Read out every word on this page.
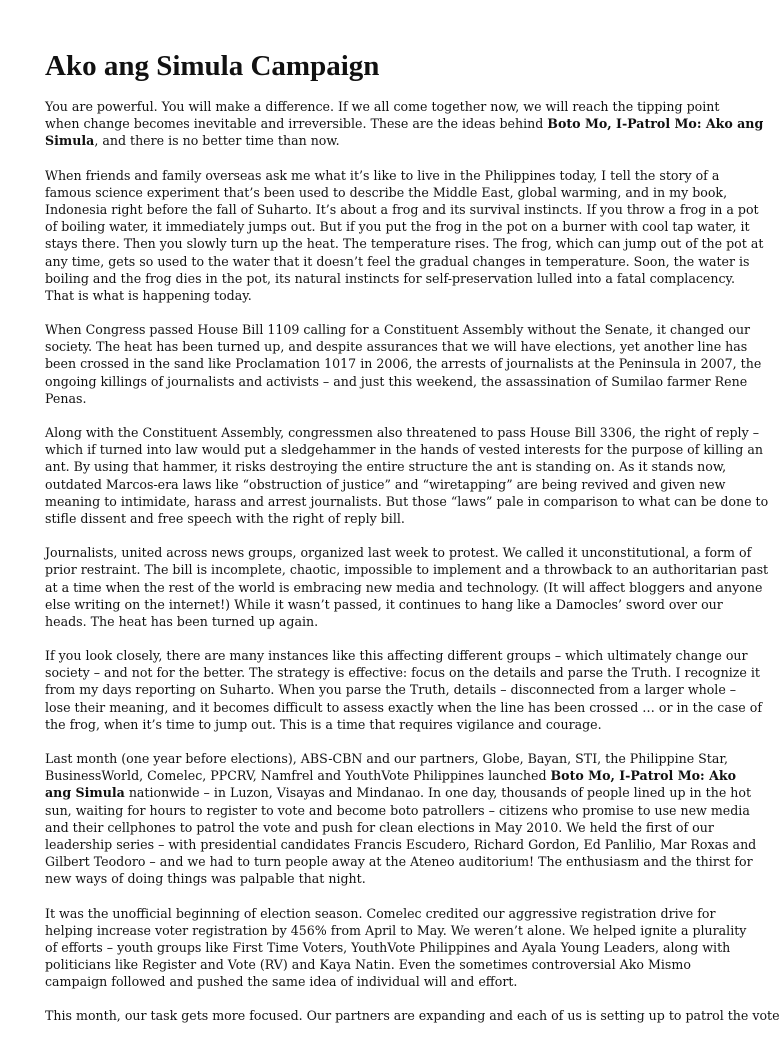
Ako ang Simula Campaign
You are powerful. You will make a difference. If we all come together now, we will reach the tipping point
when change becomes inevitable and irreversible. These are the ideas behind Boto Mo, I-Patrol Mo: Ako ang
Simula, and there is no better time than now.
When friends and family overseas ask me what it’s like to live in the Philippines today, I tell the story of a
famous science experiment that’s been used to describe the Middle East, global warming, and in my book,
Indonesia right before the fall of Suharto. It’s about a frog and its survival instincts. If you throw a frog in a pot
of boiling water, it immediately jumps out. But if you put the frog in the pot on a burner with cool tap water, it
stays there. Then you slowly turn up the heat. The temperature rises. The frog, which can jump out of the pot at
any time, gets so used to the water that it doesn’t feel the gradual changes in temperature. Soon, the water is
boiling and the frog dies in the pot, its natural instincts for self-preservation lulled into a fatal complacency.
That is what is happening today.
When Congress passed House Bill 1109 calling for a Constituent Assembly without the Senate, it changed our
society. The heat has been turned up, and despite assurances that we will have elections, yet another line has
been crossed in the sand like Proclamation 1017 in 2006, the arrests of journalists at the Peninsula in 2007, the
ongoing killings of journalists and activists – and just this weekend, the assassination of Sumilao farmer Rene
Penas.
Along with the Constituent Assembly, congressmen also threatened to pass House Bill 3306, the right of reply –
which if turned into law would put a sledgehammer in the hands of vested interests for the purpose of killing an
ant. By using that hammer, it risks destroying the entire structure the ant is standing on. As it stands now,
outdated Marcos-era laws like “obstruction of justice” and “wiretapping” are being revived and given new
meaning to intimidate, harass and arrest journalists. But those “laws” pale in comparison to what can be done to
stifle dissent and free speech with the right of reply bill.
Journalists, united across news groups, organized last week to protest. We called it unconstitutional, a form of
prior restraint. The bill is incomplete, chaotic, impossible to implement and a throwback to an authoritarian past
at a time when the rest of the world is embracing new media and technology. (It will affect bloggers and anyone
else writing on the internet!) While it wasn’t passed, it continues to hang like a Damocles’ sword over our
heads. The heat has been turned up again.
If you look closely, there are many instances like this affecting different groups – which ultimately change our
society – and not for the better. The strategy is effective: focus on the details and parse the Truth. I recognize it
from my days reporting on Suharto. When you parse the Truth, details – disconnected from a larger whole –
lose their meaning, and it becomes difficult to assess exactly when the line has been crossed … or in the case of
the frog, when it’s time to jump out. This is a time that requires vigilance and courage.
Last month (one year before elections), ABS-CBN and our partners, Globe, Bayan, STI, the Philippine Star,
BusinessWorld, Comelec, PPCRV, Namfrel and YouthVote Philippines launched Boto Mo, I-Patrol Mo: Ako
ang Simula nationwide – in Luzon, Visayas and Mindanao. In one day, thousands of people lined up in the hot
sun, waiting for hours to register to vote and become boto patrollers – citizens who promise to use new media
and their cellphones to patrol the vote and push for clean elections in May 2010. We held the first of our
leadership series – with presidential candidates Francis Escudero, Richard Gordon, Ed Panlilio, Mar Roxas and
Gilbert Teodoro – and we had to turn people away at the Ateneo auditorium! The enthusiasm and the thirst for
new ways of doing things was palpable that night.
It was the unofficial beginning of election season. Comelec credited our aggressive registration drive for
helping increase voter registration by 456% from April to May. We weren’t alone. We helped ignite a plurality
of efforts – youth groups like First Time Voters, YouthVote Philippines and Ayala Young Leaders, along with
politicians like Register and Vote (RV) and Kaya Natin. Even the sometimes controversial Ako Mismo
campaign followed and pushed the same idea of individual will and effort.
This month, our task gets more focused. Our partners are expanding and each of us is setting up to patrol the vote
